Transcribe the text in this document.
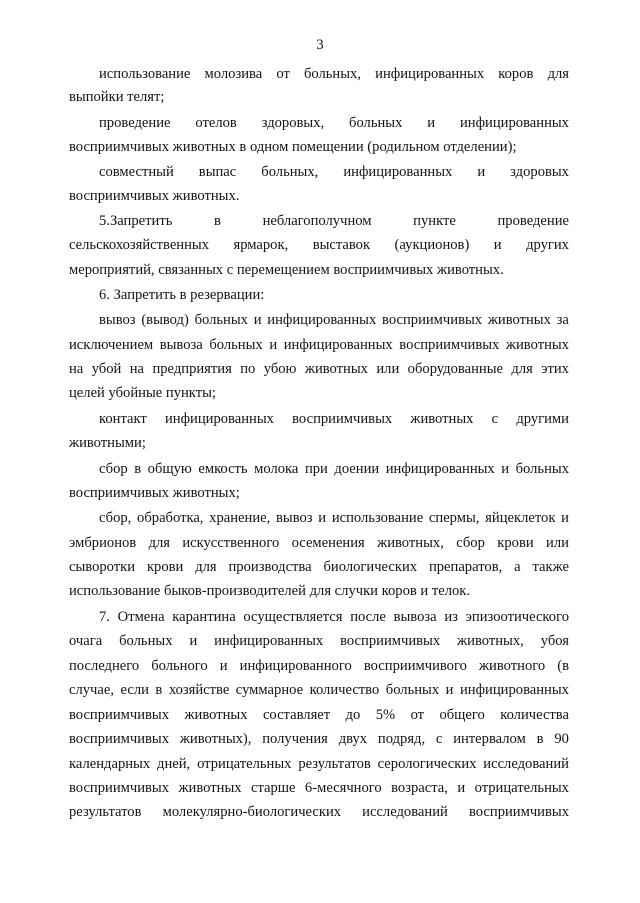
3
использование молозива от больных, инфицированных коров для
выпойки телят;
проведение отелов здоровых, больных и инфицированных
восприимчивых животных в одном помещении (родильном отделении);
совместный выпас больных, инфицированных и здоровых
восприимчивых животных.
5.Запретить	в	неблагополучном	пункте	проведение
сельскохозяйственных ярмарок, выставок (аукционов) и других
мероприятий, связанных с перемещением восприимчивых животных.
6. Запретить в резервации:
вывоз (вывод) больных и инфицированных восприимчивых животных за
исключением вывоза больных и инфицированных восприимчивых животных
на убой на предприятия по убою животных или оборудованные для этих
целей убойные пункты;
контакт инфицированных восприимчивых животных с другими
животными;
сбор в общую емкость молока при доении инфицированных и больных
восприимчивых животных;
сбор, обработка, хранение, вывоз и использование спермы, яйцеклеток и
эмбрионов для искусственного осеменения животных, сбор крови или
сыворотки крови для производства биологических препаратов, а также
использование быков-производителей для случки коров и телок.
7. Отмена карантина осуществляется после вывоза из эпизоотического
очага больных и инфицированных восприимчивых животных, убоя
последнего больного и инфицированного восприимчивого животного (в
случае, если в хозяйстве суммарное количество больных и инфицированных
восприимчивых животных составляет до 5% от общего количества
восприимчивых животных), получения двух подряд, с интервалом в 90
календарных дней, отрицательных результатов серологических исследований
восприимчивых животных старше 6-месячного возраста, и отрицательных
результатов молекулярно-биологических исследований восприимчивых
